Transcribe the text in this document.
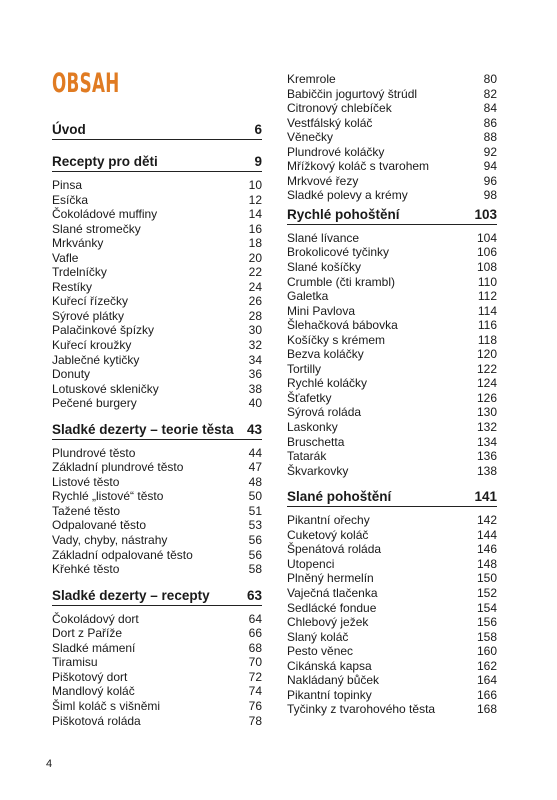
OBSAH
Úvod	6
Recepty pro děti	9
Pinsa	10
Esíčka	12
Čokoládové muffiny	14
Slané stromečky	16
Mrkvánky	18
Vafle	20
Trdelníčky	22
Restíky	24
Kuřecí řízečky	26
Sýrové plátky	28
Palačinkové špízky	30
Kuřecí kroužky	32
Jablečné kytičky	34
Donuty	36
Lotuskové skleničky	38
Pečené burgery	40
Sladké dezerty – teorie těsta 43
Plundrové těsto	44
Základní plundrové těsto	47
Listové těsto	48
Rychlé „listové“ těsto	50
Tažené těsto	51
Odpalované těsto	53
Vady, chyby, nástrahy	56
Základní odpalované těsto	56
Křehké těsto	58
Sladké dezerty – recepty	63
Čokoládový dort	64
Dort z Paříže	66
Sladké mámení	68
Tiramisu	70
Piškotový dort	72
Mandlový koláč	74
Šiml koláč s višněmi	76
Piškotová roláda	78
Kremrole	80
Babiččin jogurtový štrúdl	82
Citronový chlebíček	84
Vestfálský koláč	86
Věnečky	88
Plundrové koláčky	92
Mřížkový koláč s tvarohem	94
Mrkvové řezy	96
Sladké polevy a krémy	98
Rychlé pohoštění	103
Slané lívance	104
Brokolicové tyčinky	106
Slané košíčky	108
Crumble (čti krambl)	110
Galetka	112
Mini Pavlova	114
Šlehačková bábovka	116
Košíčky s krémem	118
Bezva koláčky	120
Tortilly	122
Rychlé koláčky	124
Šťafetky	126
Sýrová roláda	130
Laskonky	132
Bruschetta	134
Tatarák	136
Škvarkovky	138
Slané pohoštění	141
Pikantní ořechy	142
Cuketový koláč	144
Špenátová roláda	146
Utopenci	148
Plněný hermelín	150
Vaječná tlačenka	152
Sedlácké fondue	154
Chlebový ježek	156
Slaný koláč	158
Pesto věnec	160
Cikánská kapsa	162
Nakládaný bůček	164
Pikantní topinky	166
Tyčinky z tvarohového těsta	168
4
